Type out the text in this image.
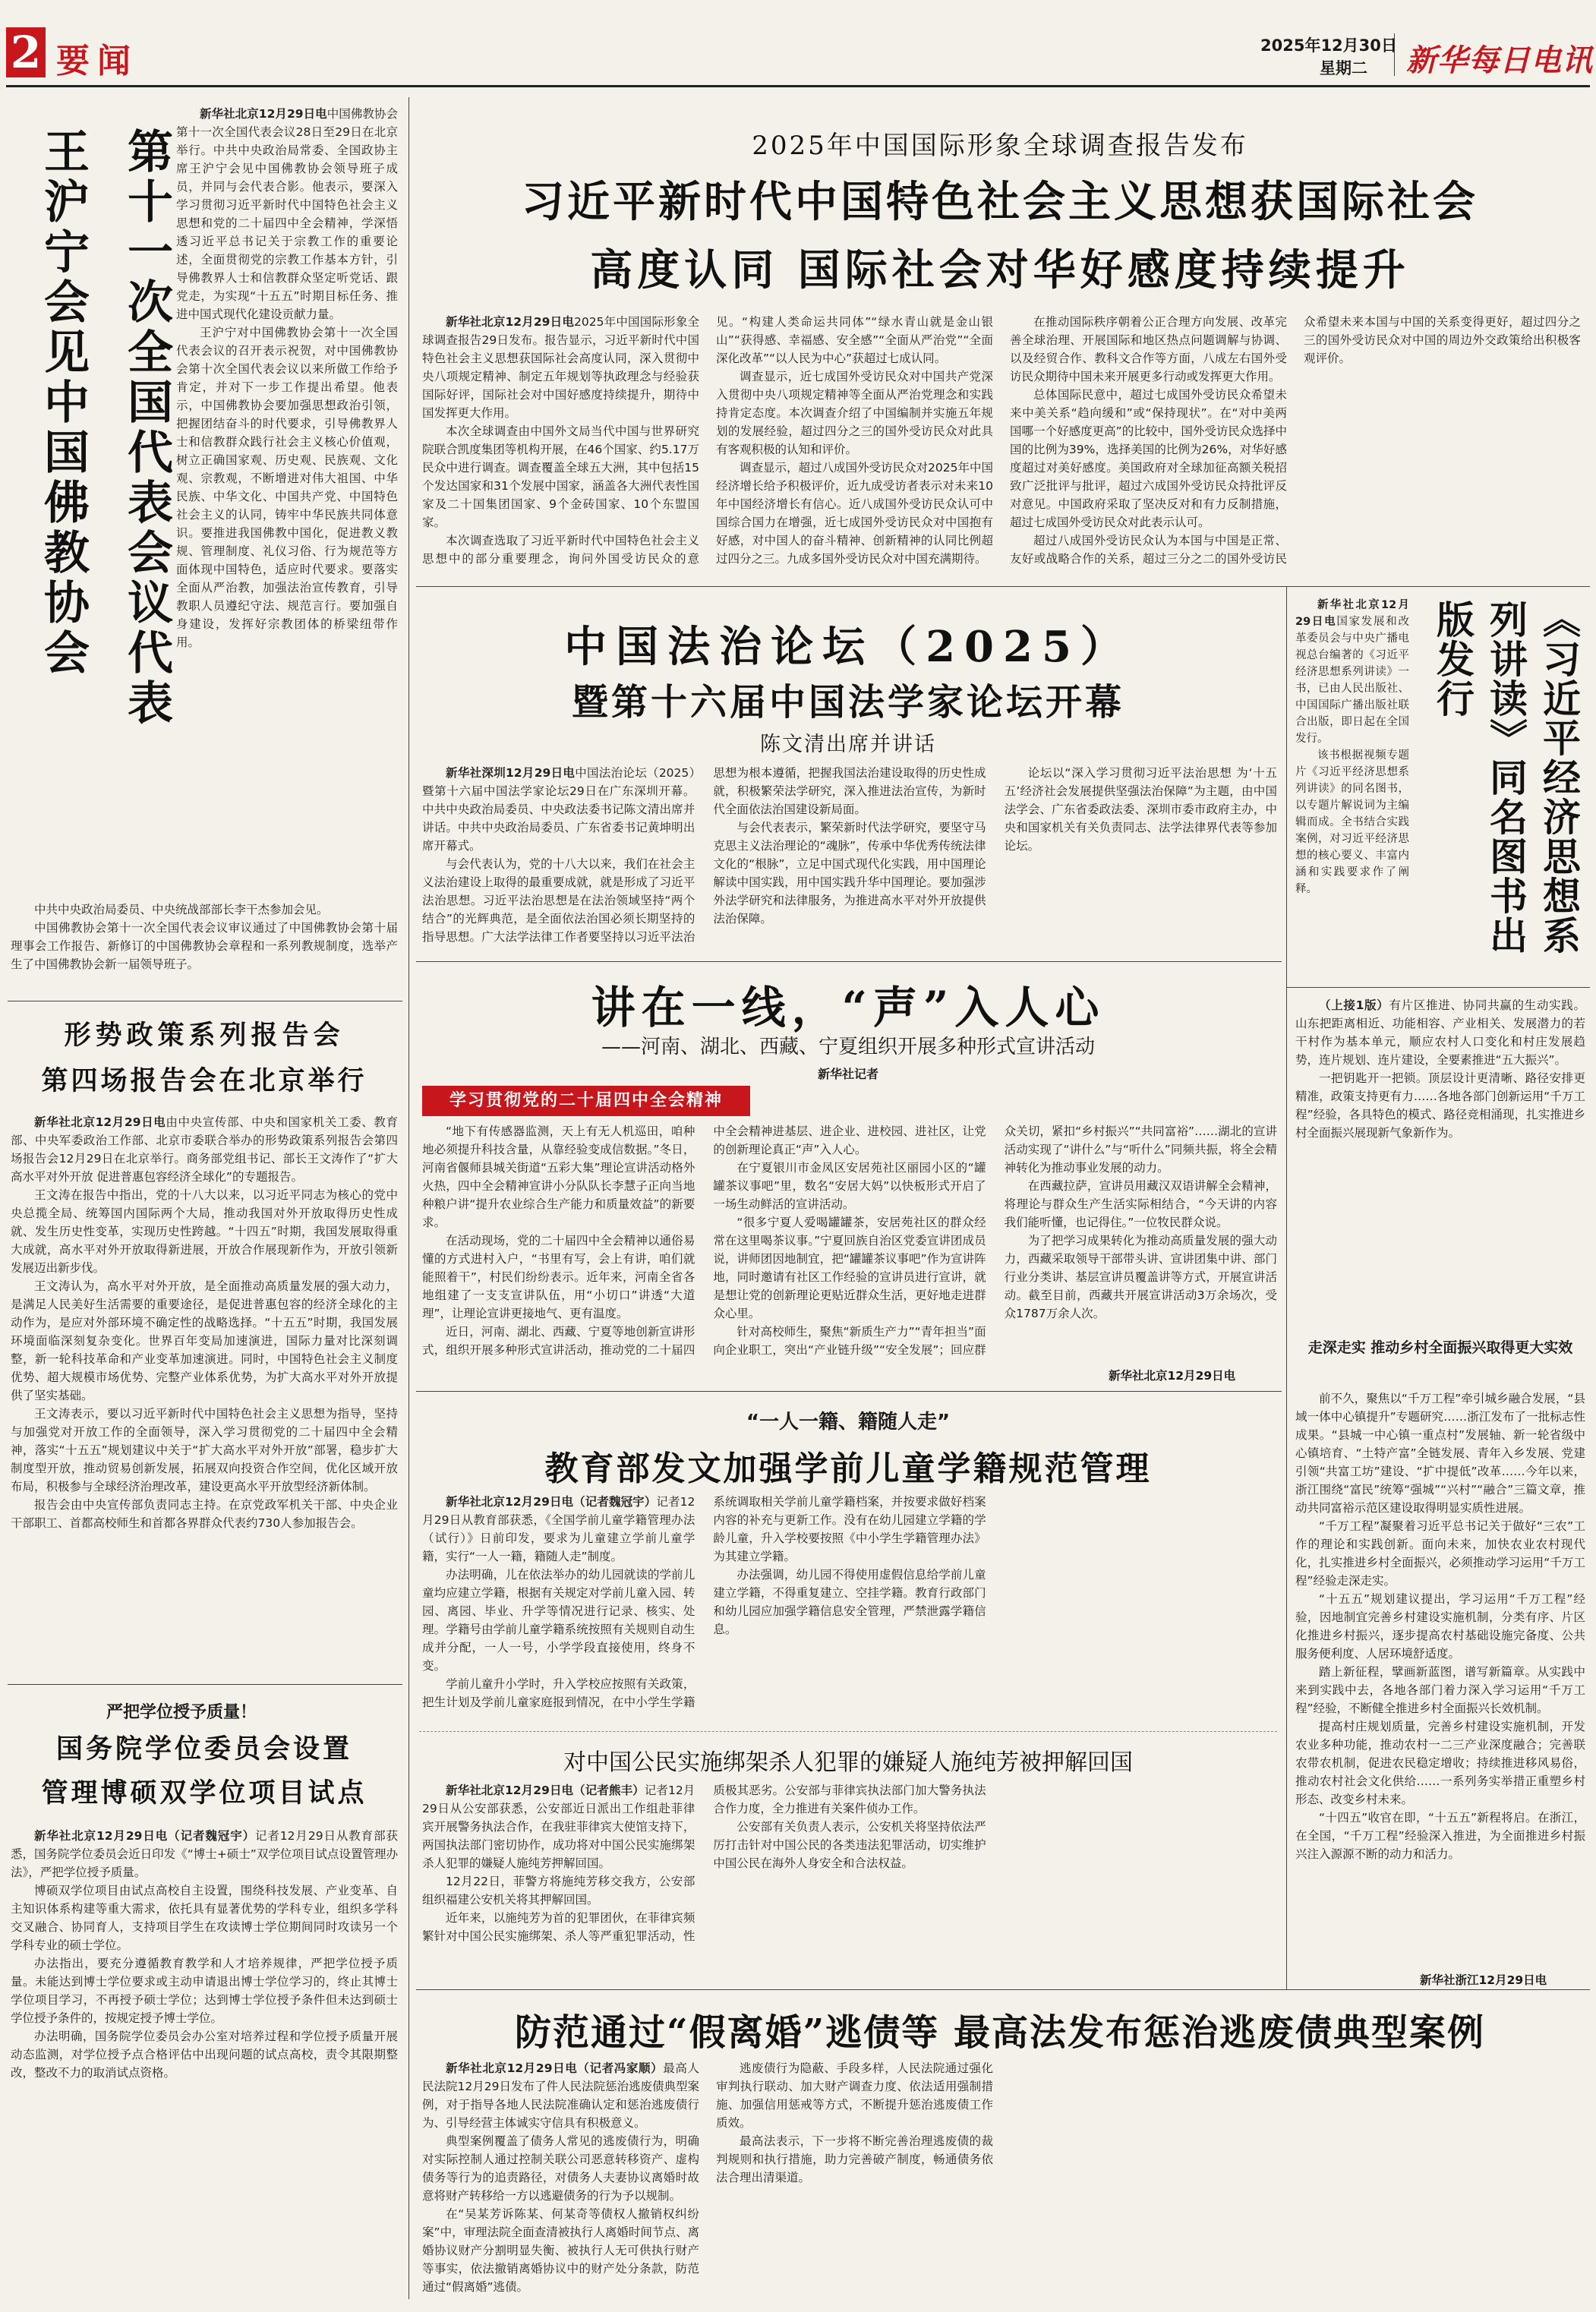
2 要闻	2025年12月30日
星期二 新华每日电讯
第十一次全国代表会议代表
王沪宁会见中国佛教协会

新华社北京12月29日电中国佛教协会第十一次全国代表会议28日至29日在北京举行。中共中央政治局常委、全国政协主席王沪宁会见中国佛教协会领导班子成员，并同与会代表合影。他表示，要深入学习贯彻习近平新时代中国特色社会主义思想和党的二十届四中全会精神，学深悟透习近平总书记关于宗教工作的重要论述，全面贯彻党的宗教工作基本方针，引导佛教界人士和信教群众坚定听党话、跟党走，为实现“十五五”时期目标任务、推进中国式现代化建设贡献力量。

王沪宁对中国佛教协会第十一次全国代表会议的召开表示祝贺，对中国佛教协会第十次全国代表会议以来所做工作给予肯定，并对下一步工作提出希望。他表示，中国佛教协会要加强思想政治引领，把握团结奋斗的时代要求，引导佛教界人士和信教群众践行社会主义核心价值观，树立正确国家观、历史观、民族观、文化观、宗教观，不断增进对伟大祖国、中华民族、中华文化、中国共产党、中国特色社会主义的认同，铸牢中华民族共同体意识。要推进我国佛教中国化，促进教义教规、管理制度、礼仪习俗、行为规范等方面体现中国特色，适应时代要求。要落实全面从严治教，加强法治宣传教育，引导教职人员遵纪守法、规范言行。要加强自身建设，发挥好宗教团体的桥梁纽带作用。

中共中央政治局委员、中央统战部部长李干杰参加会见。

中国佛教协会第十一次全国代表会议审议通过了中国佛教协会第十届理事会工作报告、新修订的中国佛教协会章程和一系列教规制度，选举产生了中国佛教协会新一届领导班子。

形势政策系列报告会
第四场报告会在北京举行

新华社北京12月29日电由中央宣传部、中央和国家机关工委、教育部、中央军委政治工作部、北京市委联合举办的形势政策系列报告会第四场报告会12月29日在北京举行。商务部党组书记、部长王文涛作了“扩大高水平对外开放 促进普惠包容经济全球化”的专题报告。

王文涛在报告中指出，党的十八大以来，以习近平同志为核心的党中央总揽全局、统筹国内国际两个大局，推动我国对外开放取得历史性成就、发生历史性变革，实现历史性跨越。“十四五”时期，我国发展取得重大成就，高水平对外开放取得新进展，开放合作展现新作为，开放引领新发展迈出新步伐。

王文涛认为，高水平对外开放，是全面推动高质量发展的强大动力，是满足人民美好生活需要的重要途径，是促进普惠包容的经济全球化的主动作为，是应对外部环境不确定性的战略选择。“十五五”时期，我国发展环境面临深刻复杂变化。世界百年变局加速演进，国际力量对比深刻调整，新一轮科技革命和产业变革加速演进。同时，中国特色社会主义制度优势、超大规模市场优势、完整产业体系优势，为扩大高水平对外开放提供了坚实基础。

王文涛表示，要以习近平新时代中国特色社会主义思想为指导，坚持与加强党对开放工作的全面领导，深入学习贯彻党的二十届四中全会精神，落实“十五五”规划建议中关于“扩大高水平对外开放”部署，稳步扩大制度型开放，推动贸易创新发展，拓展双向投资合作空间，优化区域开放布局，积极参与全球经济治理改革，建设更高水平开放型经济新体制。

报告会由中央宣传部负责同志主持。在京党政军机关干部、中央企业干部职工、首都高校师生和首都各界群众代表约730人参加报告会。

严把学位授予质量！
国务院学位委员会设置
管理博硕双学位项目试点

新华社北京12月29日电（记者魏冠宇）记者12月29日从教育部获悉，国务院学位委员会近日印发《“博士+硕士”双学位项目试点设置管理办法》，严把学位授予质量。

博硕双学位项目由试点高校自主设置，围绕科技发展、产业变革、自主知识体系构建等重大需求，依托具有显著优势的学科专业，组织多学科交叉融合、协同育人，支持项目学生在攻读博士学位期间同时攻读另一个学科专业的硕士学位。

办法指出，要充分遵循教育教学和人才培养规律，严把学位授予质量。未能达到博士学位要求或主动申请退出博士学位学习的，终止其博士学位项目学习，不再授予硕士学位；达到博士学位授予条件但未达到硕士学位授予条件的，按规定授予博士学位。

办法明确，国务院学位委员会办公室对培养过程和学位授予质量开展动态监测，对学位授予点合格评估中出现问题的试点高校，责令其限期整改，整改不力的取消试点资格。

2025年中国国际形象全球调查报告发布
习近平新时代中国特色社会主义思想获国际社会
高度认同 国际社会对华好感度持续提升

新华社北京12月29日电2025年中国国际形象全球调查报告29日发布。报告显示，习近平新时代中国特色社会主义思想获国际社会高度认同，深入贯彻中央八项规定精神、制定五年规划等执政理念与经验获国际好评，国际社会对中国好感度持续提升，期待中国发挥更大作用。

本次全球调查由中国外文局当代中国与世界研究院联合凯度集团等机构开展，在46个国家、约5.17万民众中进行调查。调查覆盖全球五大洲，其中包括15个发达国家和31个发展中国家，涵盖各大洲代表性国家及二十国集团国家、9个金砖国家、10个东盟国家。

本次调查选取了习近平新时代中国特色社会主义思想中的部分重要理念，询问外国受访民众的意见。“构建人类命运共同体”“绿水青山就是金山银山”“获得感、幸福感、安全感”“全面从严治党”“全面深化改革”“以人民为中心”获超过七成认同。

调查显示，近七成国外受访民众对中国共产党深入贯彻中央八项规定精神等全面从严治党理念和实践持肯定态度。本次调查介绍了中国编制并实施五年规划的发展经验，超过四分之三的国外受访民众对此具有客观积极的认知和评价。

调查显示，超过八成国外受访民众对2025年中国经济增长给予积极评价，近九成受访者表示对未来10年中国经济增长有信心。近八成国外受访民众认可中国综合国力在增强，近七成国外受访民众对中国抱有好感，对中国人的奋斗精神、创新精神的认同比例超过四分之三。九成多国外受访民众对中国充满期待。

在推动国际秩序朝着公正合理方向发展、改革完善全球治理、开展国际和地区热点问题调解与协调、以及经贸合作、教科文合作等方面，八成左右国外受访民众期待中国未来开展更多行动或发挥更大作用。

总体国际民意中，超过七成国外受访民众希望未来中美关系“趋向缓和”或“保持现状”。在“对中美两国哪一个好感度更高”的比较中，国外受访民众选择中国的比例为39%，选择美国的比例为26%，对华好感度超过对美好感度。美国政府对全球加征高额关税招致广泛批评与批评，超过六成国外受访民众持批评反对意见。中国政府采取了坚决反对和有力反制措施，超过七成国外受访民众对此表示认可。

超过八成国外受访民众认为本国与中国是正常、友好或战略合作的关系，超过三分之二的国外受访民众希望未来本国与中国的关系变得更好，超过四分之三的国外受访民众对中国的周边外交政策给出积极客观评价。

中国法治论坛（2025）
暨第十六届中国法学家论坛开幕
陈文清出席并讲话

新华社深圳12月29日电中国法治论坛（2025）暨第十六届中国法学家论坛29日在广东深圳开幕。中共中央政治局委员、中央政法委书记陈文清出席并讲话。中共中央政治局委员、广东省委书记黄坤明出席开幕式。

与会代表认为，党的十八大以来，我们在社会主义法治建设上取得的最重要成就，就是形成了习近平法治思想。习近平法治思想是在法治领域坚持“两个结合”的光辉典范，是全面依法治国必须长期坚持的指导思想。广大法学法律工作者要坚持以习近平法治思想为根本遵循，把握我国法治建设取得的历史性成就，积极繁荣法学研究，深入推进法治宣传，为新时代全面依法治国建设新局面。

与会代表表示，繁荣新时代法学研究，要坚守马克思主义法治理论的“魂脉”，传承中华优秀传统法律文化的“根脉”，立足中国式现代化实践，用中国理论解读中国实践，用中国实践升华中国理论。要加强涉外法学研究和法律服务，为推进高水平对外开放提供法治保障。

论坛以“深入学习贯彻习近平法治思想 为‘十五五’经济社会发展提供坚强法治保障”为主题，由中国法学会、广东省委政法委、深圳市委市政府主办，中央和国家机关有关负责同志、法学法律界代表等参加论坛。

新华社北京12月29日电国家发展和改革委员会与中央广播电视总台编著的《习近平经济思想系列讲读》一书，已由人民出版社、中国国际广播出版社联合出版，即日起在全国发行。

该书根据视频专题片《习近平经济思想系列讲读》的同名图书，以专题片解说词为主编辑而成。全书结合实践案例，对习近平经济思想的核心要义、丰富内涵和实践要求作了阐释。	《习近平经济思想系列讲读》同名图书出版发行
讲在一线，“声”入人心
——河南、湖北、西藏、宁夏组织开展多种形式宣讲活动
新华社记者
学习贯彻党的二十届四中全会精神

“地下有传感器监测，天上有无人机巡田，咱种地必须提升科技含量，从靠经验变成信数据。”冬日，河南省偃师县城关街道“五彩大集”理论宣讲活动格外火热，四中全会精神宣讲小分队队长李慧子正向当地种粮户讲“提升农业综合生产能力和质量效益”的新要求。

在活动现场，党的二十届四中全会精神以通俗易懂的方式进村入户，“书里有写，会上有讲，咱们就能照着干”，村民们纷纷表示。近年来，河南全省各地组建了一支支宣讲队伍，用“小切口”讲透“大道理”，让理论宣讲更接地气、更有温度。

近日，河南、湖北、西藏、宁夏等地创新宣讲形式，组织开展多种形式宣讲活动，推动党的二十届四中全会精神进基层、进企业、进校园、进社区，让党的创新理论真正“声”入人心。

在宁夏银川市金凤区安居苑社区丽园小区的“罐罐茶议事吧”里，数名“安居大妈”以快板形式开启了一场生动鲜活的宣讲活动。

“很多宁夏人爱喝罐罐茶，安居苑社区的群众经常在这里喝茶议事。”宁夏回族自治区党委宣讲团成员说，讲师团因地制宜，把“罐罐茶议事吧”作为宣讲阵地，同时邀请有社区工作经验的宣讲员进行宣讲，就是想让党的创新理论更贴近群众生活，更好地走进群众心里。

针对高校师生，聚焦“新质生产力”“青年担当”面向企业职工，突出“产业链升级”“安全发展”；回应群众关切，紧扣“乡村振兴”“共同富裕”……湖北的宣讲活动实现了“讲什么”与“听什么”同频共振，将全会精神转化为推动事业发展的动力。

在西藏拉萨，宣讲员用藏汉双语讲解全会精神，将理论与群众生产生活实际相结合，“今天讲的内容我们能听懂，也记得住。”一位牧民群众说。

为了把学习成果转化为推动高质量发展的强大动力，西藏采取领导干部带头讲、宣讲团集中讲、部门行业分类讲、基层宣讲员覆盖讲等方式，开展宣讲活动。截至目前，西藏共开展宣讲活动3万余场次，受众1787万余人次。

新华社北京12月29日电

（上接1版）有片区推进、协同共赢的生动实践。山东把距离相近、功能相容、产业相关、发展潜力的若干村作为基本单元，顺应农村人口变化和村庄发展趋势，连片规划、连片建设，全要素推进“五大振兴”。

一把钥匙开一把锁。顶层设计更清晰、路径安排更精准，政策支持更有力……各地各部门创新运用“千万工程”经验，各具特色的模式、路径竞相涌现，扎实推进乡村全面振兴展现新气象新作为。

走深走实 推动乡村全面振兴取得更大实效

前不久，聚焦以“千万工程”牵引城乡融合发展，“县域一体中心镇提升”专题研究……浙江发布了一批标志性成果。“县城一中心镇一重点村”发展轴、新一轮省级中心镇培育、“土特产富”全链发展、青年入乡发展、党建引领“共富工坊”建设、“扩中提低”改革……今年以来，浙江围绕“富民”统筹“强城”“兴村”“融合”三篇文章，推动共同富裕示范区建设取得明显实质性进展。

“千万工程”凝聚着习近平总书记关于做好“三农”工作的理论和实践创新。面向未来，加快农业农村现代化，扎实推进乡村全面振兴，必须推动学习运用“千万工程”经验走深走实。

“十五五”规划建议提出，学习运用“千万工程”经验，因地制宜完善乡村建设实施机制，分类有序、片区化推进乡村振兴，逐步提高农村基础设施完备度、公共服务便利度、人居环境舒适度。

踏上新征程，擘画新蓝图，谱写新篇章。从实践中来到实践中去，各地各部门着力深入学习运用“千万工程”经验，不断健全推进乡村全面振兴长效机制。

提高村庄规划质量，完善乡村建设实施机制，开发农业多种功能，推动农村一二三产业深度融合；完善联农带农机制，促进农民稳定增收；持续推进移风易俗，推动农村社会文化供给……一系列务实举措正重塑乡村形态、改变乡村未来。

“十四五”收官在即，“十五五”新程将启。在浙江，在全国，“千万工程”经验深入推进，为全面推进乡村振兴注入源源不断的动力和活力。

新华社浙江12月29日电
“一人一籍、籍随人走”
教育部发文加强学前儿童学籍规范管理

新华社北京12月29日电（记者魏冠宇）记者12月29日从教育部获悉，《全国学前儿童学籍管理办法（试行）》日前印发，要求为儿童建立学前儿童学籍，实行“一人一籍，籍随人走”制度。

办法明确，儿在依法举办的幼儿园就读的学前儿童均应建立学籍，根据有关规定对学前儿童入园、转园、离园、毕业、升学等情况进行记录、核实、处理。学籍号由学前儿童学籍系统按照有关规则自动生成并分配，一人一号，小学学段直接使用，终身不变。

学前儿童升小学时，升入学校应按照有关政策，把生计划及学前儿童家庭报到情况，在中小学生学籍系统调取相关学前儿童学籍档案，并按要求做好档案内容的补充与更新工作。没有在幼儿园建立学籍的学龄儿童，升入学校要按照《中小学生学籍管理办法》为其建立学籍。

办法强调，幼儿园不得使用虚假信息给学前儿童建立学籍，不得重复建立、空挂学籍。教育行政部门和幼儿园应加强学籍信息安全管理，严禁泄露学籍信息。

对中国公民实施绑架杀人犯罪的嫌疑人施纯芳被押解回国

新华社北京12月29日电（记者熊丰）记者12月29日从公安部获悉，公安部近日派出工作组赴菲律宾开展警务执法合作，在我驻菲律宾大使馆支持下，两国执法部门密切协作，成功将对中国公民实施绑架杀人犯罪的嫌疑人施纯芳押解回国。

12月22日，菲警方将施纯芳移交我方，公安部组织福建公安机关将其押解回国。

近年来，以施纯芳为首的犯罪团伙，在菲律宾频繁针对中国公民实施绑架、杀人等严重犯罪活动，性质极其恶劣。公安部与菲律宾执法部门加大警务执法合作力度，全力推进有关案件侦办工作。

公安部有关负责人表示，公安机关将坚持依法严厉打击针对中国公民的各类违法犯罪活动，切实维护中国公民在海外人身安全和合法权益。

防范通过“假离婚”逃债等 最高法发布惩治逃废债典型案例

新华社北京12月29日电（记者冯家顺）最高人民法院12月29日发布了件人民法院惩治逃废债典型案例，对于指导各地人民法院准确认定和惩治逃废债行为、引导经营主体诚实守信具有积极意义。

典型案例覆盖了债务人常见的逃废债行为，明确对实际控制人通过控制关联公司恶意转移资产、虚构债务等行为的追责路径，对债务人夫妻协议离婚时故意将财产转移给一方以逃避债务的行为予以规制。

在“吴某芳诉陈某、何某奇等债权人撤销权纠纷案”中，审理法院全面查清被执行人离婚时间节点、离婚协议财产分割明显失衡、被执行人无可供执行财产等事实，依法撤销离婚协议中的财产处分条款，防范通过“假离婚”逃债。

逃废债行为隐蔽、手段多样，人民法院通过强化审判执行联动、加大财产调查力度、依法适用强制措施、加强信用惩戒等方式，不断提升惩治逃废债工作质效。

最高法表示，下一步将不断完善治理逃废债的裁判规则和执行措施，助力完善破产制度，畅通债务依法合理出清渠道。
